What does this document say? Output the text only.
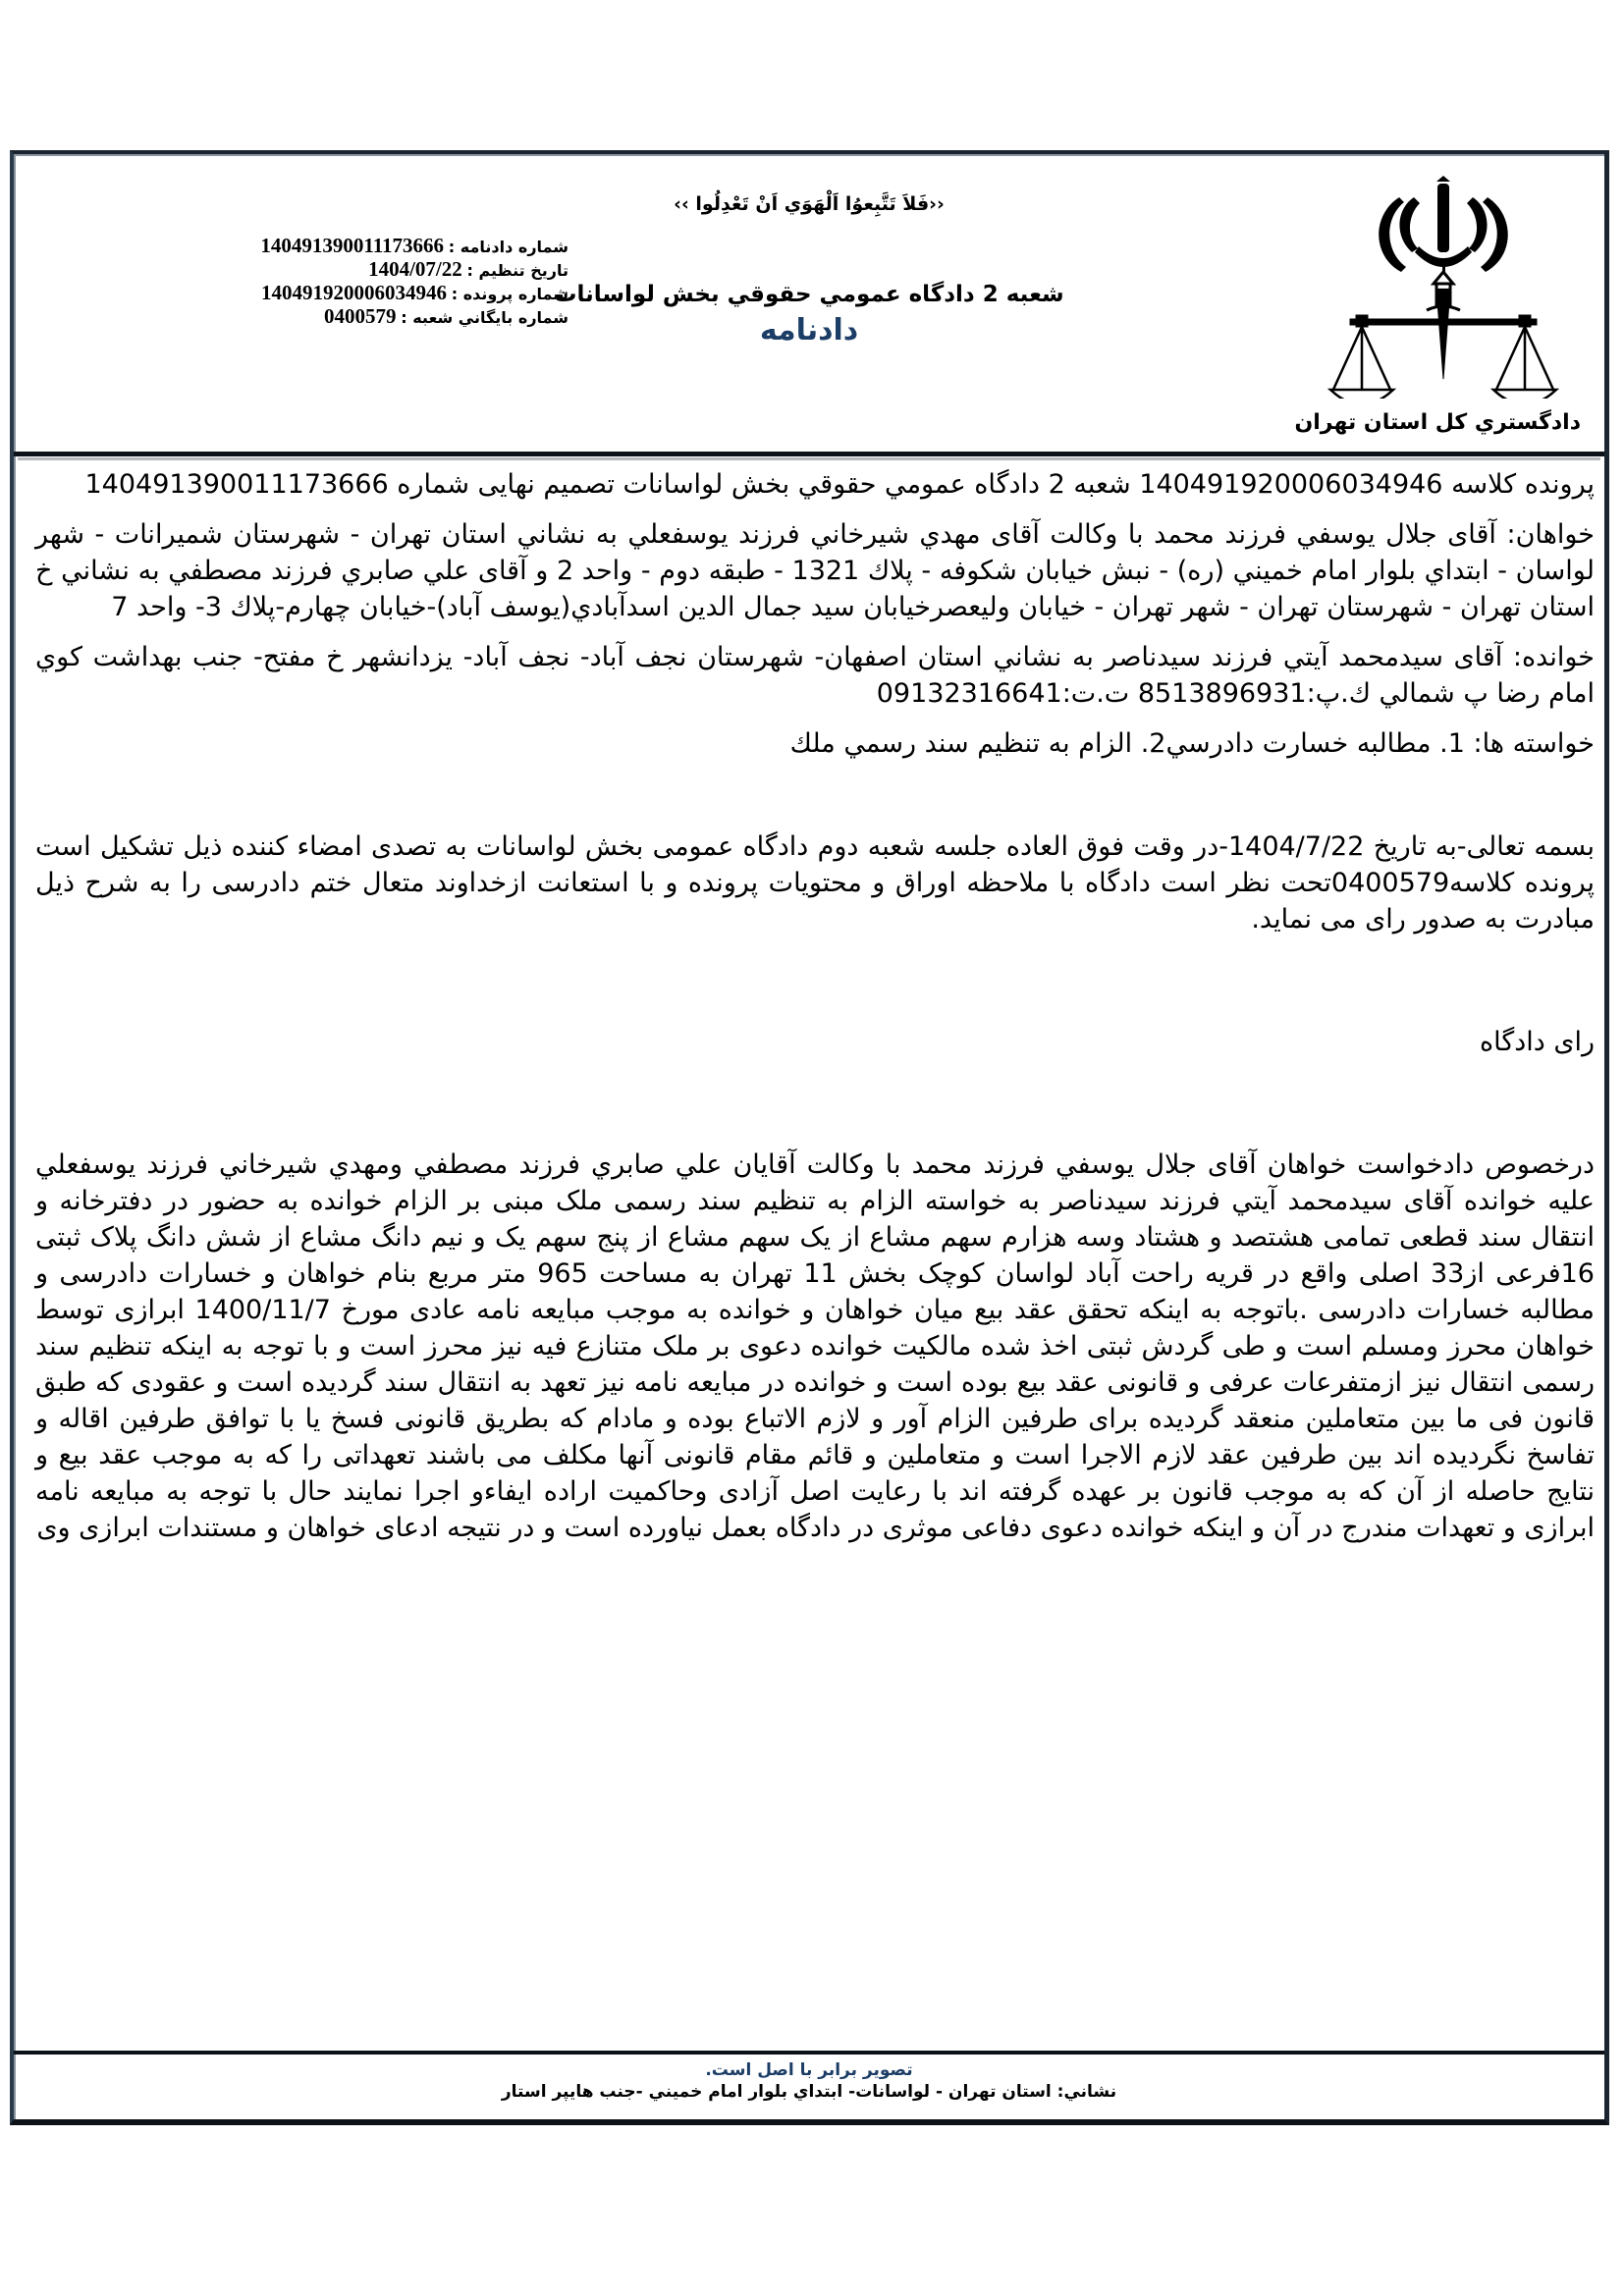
دادگستري كل استان تهران
‹‹فَلاَ تَتَّبِعوُا اَلْهَوَي اَنْ تَعْدِلُوا ››
شعبه 2 دادگاه عمومي حقوقي بخش لواسانات
دادنامه
شماره دادنامه : 140491390011173666
تاريخ تنظيم : 1404/07/22
شماره پرونده : 140491920006034946
شماره بايگاني شعبه : 0400579

پرونده كلاسه 140491920006034946 شعبه 2 دادگاه عمومي حقوقي بخش لواسانات تصميم نهايی شماره 140491390011173666

خواهان: آقای جلال يوسفي فرزند محمد با وكالت آقای مهدي شيرخاني فرزند يوسفعلي به نشاني استان تهران - شهرستان شميرانات - شهر لواسان - ابتداي بلوار امام خميني (ره) - نبش خيابان شكوفه - پلاك 1321 - طبقه دوم - واحد 2 و آقای علي صابري فرزند مصطفي به نشاني خ استان تهران - شهرستان تهران - شهر تهران - خيابان وليعصرخيابان سيد جمال الدين اسدآبادي(يوسف آباد)-خيابان چهارم-پلاك 3- واحد 7

خوانده: آقای سيدمحمد آيتي فرزند سيدناصر به نشاني استان اصفهان- شهرستان نجف آباد- نجف آباد- يزدانشهر خ مفتح- جنب بهداشت كوي امام رضا پ شمالي ك.پ:8513896931 ت.ت:09132316641

خواسته ها: 1. مطالبه خسارت دادرسي2. الزام به تنظيم سند رسمي ملك

بسمه تعالی-به تاريخ 1404/7/22-در وقت فوق العاده جلسه شعبه دوم دادگاه عمومی بخش لواسانات به تصدی امضاء كننده ذيل تشكيل است پرونده كلاسه0400579تحت نظر است دادگاه با ملاحظه اوراق و محتويات پرونده و با استعانت ازخداوند متعال ختم دادرسی را به شرح ذيل مبادرت به صدور رای می نمايد.

رای دادگاه

درخصوص دادخواست خواهان آقای جلال يوسفي فرزند محمد با وكالت آقايان علي صابري فرزند مصطفي ومهدي شيرخاني فرزند يوسفعلي عليه خوانده آقای سيدمحمد آيتي فرزند سيدناصر به خواسته الزام به تنظيم سند رسمی ملک مبنی بر الزام خوانده به حضور در دفترخانه و انتقال سند قطعی تمامی هشتصد و هشتاد وسه هزارم سهم مشاع از يک سهم مشاع از پنج سهم يک و نيم دانگ مشاع از شش دانگ پلاک ثبتی 16فرعی از33 اصلی واقع در قريه راحت آباد لواسان کوچک بخش 11 تهران به مساحت 965 متر مربع بنام خواهان و خسارات دادرسی و مطالبه خسارات دادرسی .باتوجه به اينکه تحقق عقد بيع ميان خواهان و خوانده به موجب مبايعه نامه عادی مورخ 1400/11/7 ابرازی توسط خواهان محرز ومسلم است و طی گردش ثبتی اخذ شده مالکيت خوانده دعوی بر ملک متنازع فيه نيز محرز است و با توجه به اينکه تنظيم سند رسمی انتقال نيز ازمتفرعات عرفی و قانونی عقد بيع بوده است و خوانده در مبايعه نامه نيز تعهد به انتقال سند گرديده است و عقودی که طبق قانون فی ما بين متعاملين منعقد گرديده برای طرفين الزام آور و لازم الاتباع بوده و مادام که بطريق قانونی فسخ يا با توافق طرفين اقاله و تفاسخ نگرديده اند بين طرفين عقد لازم الاجرا است و متعاملين و قائم مقام قانونی آنها مکلف می باشند تعهداتی را که به موجب عقد بيع و نتايج حاصله از آن که به موجب قانون بر عهده گرفته اند با رعايت اصل آزادی وحاکميت اراده ايفاءو اجرا نمايند حال با توجه به مبايعه نامه ابرازی و تعهدات مندرج در آن و اينکه خوانده دعوی دفاعی موثری در دادگاه بعمل نياورده است و در نتيجه ادعای خواهان و مستندات ابرازی وی

تصوير برابر با اصل است.
نشاني: استان تهران - لواسانات- ابتداي بلوار امام خميني -جنب هايپر استار
